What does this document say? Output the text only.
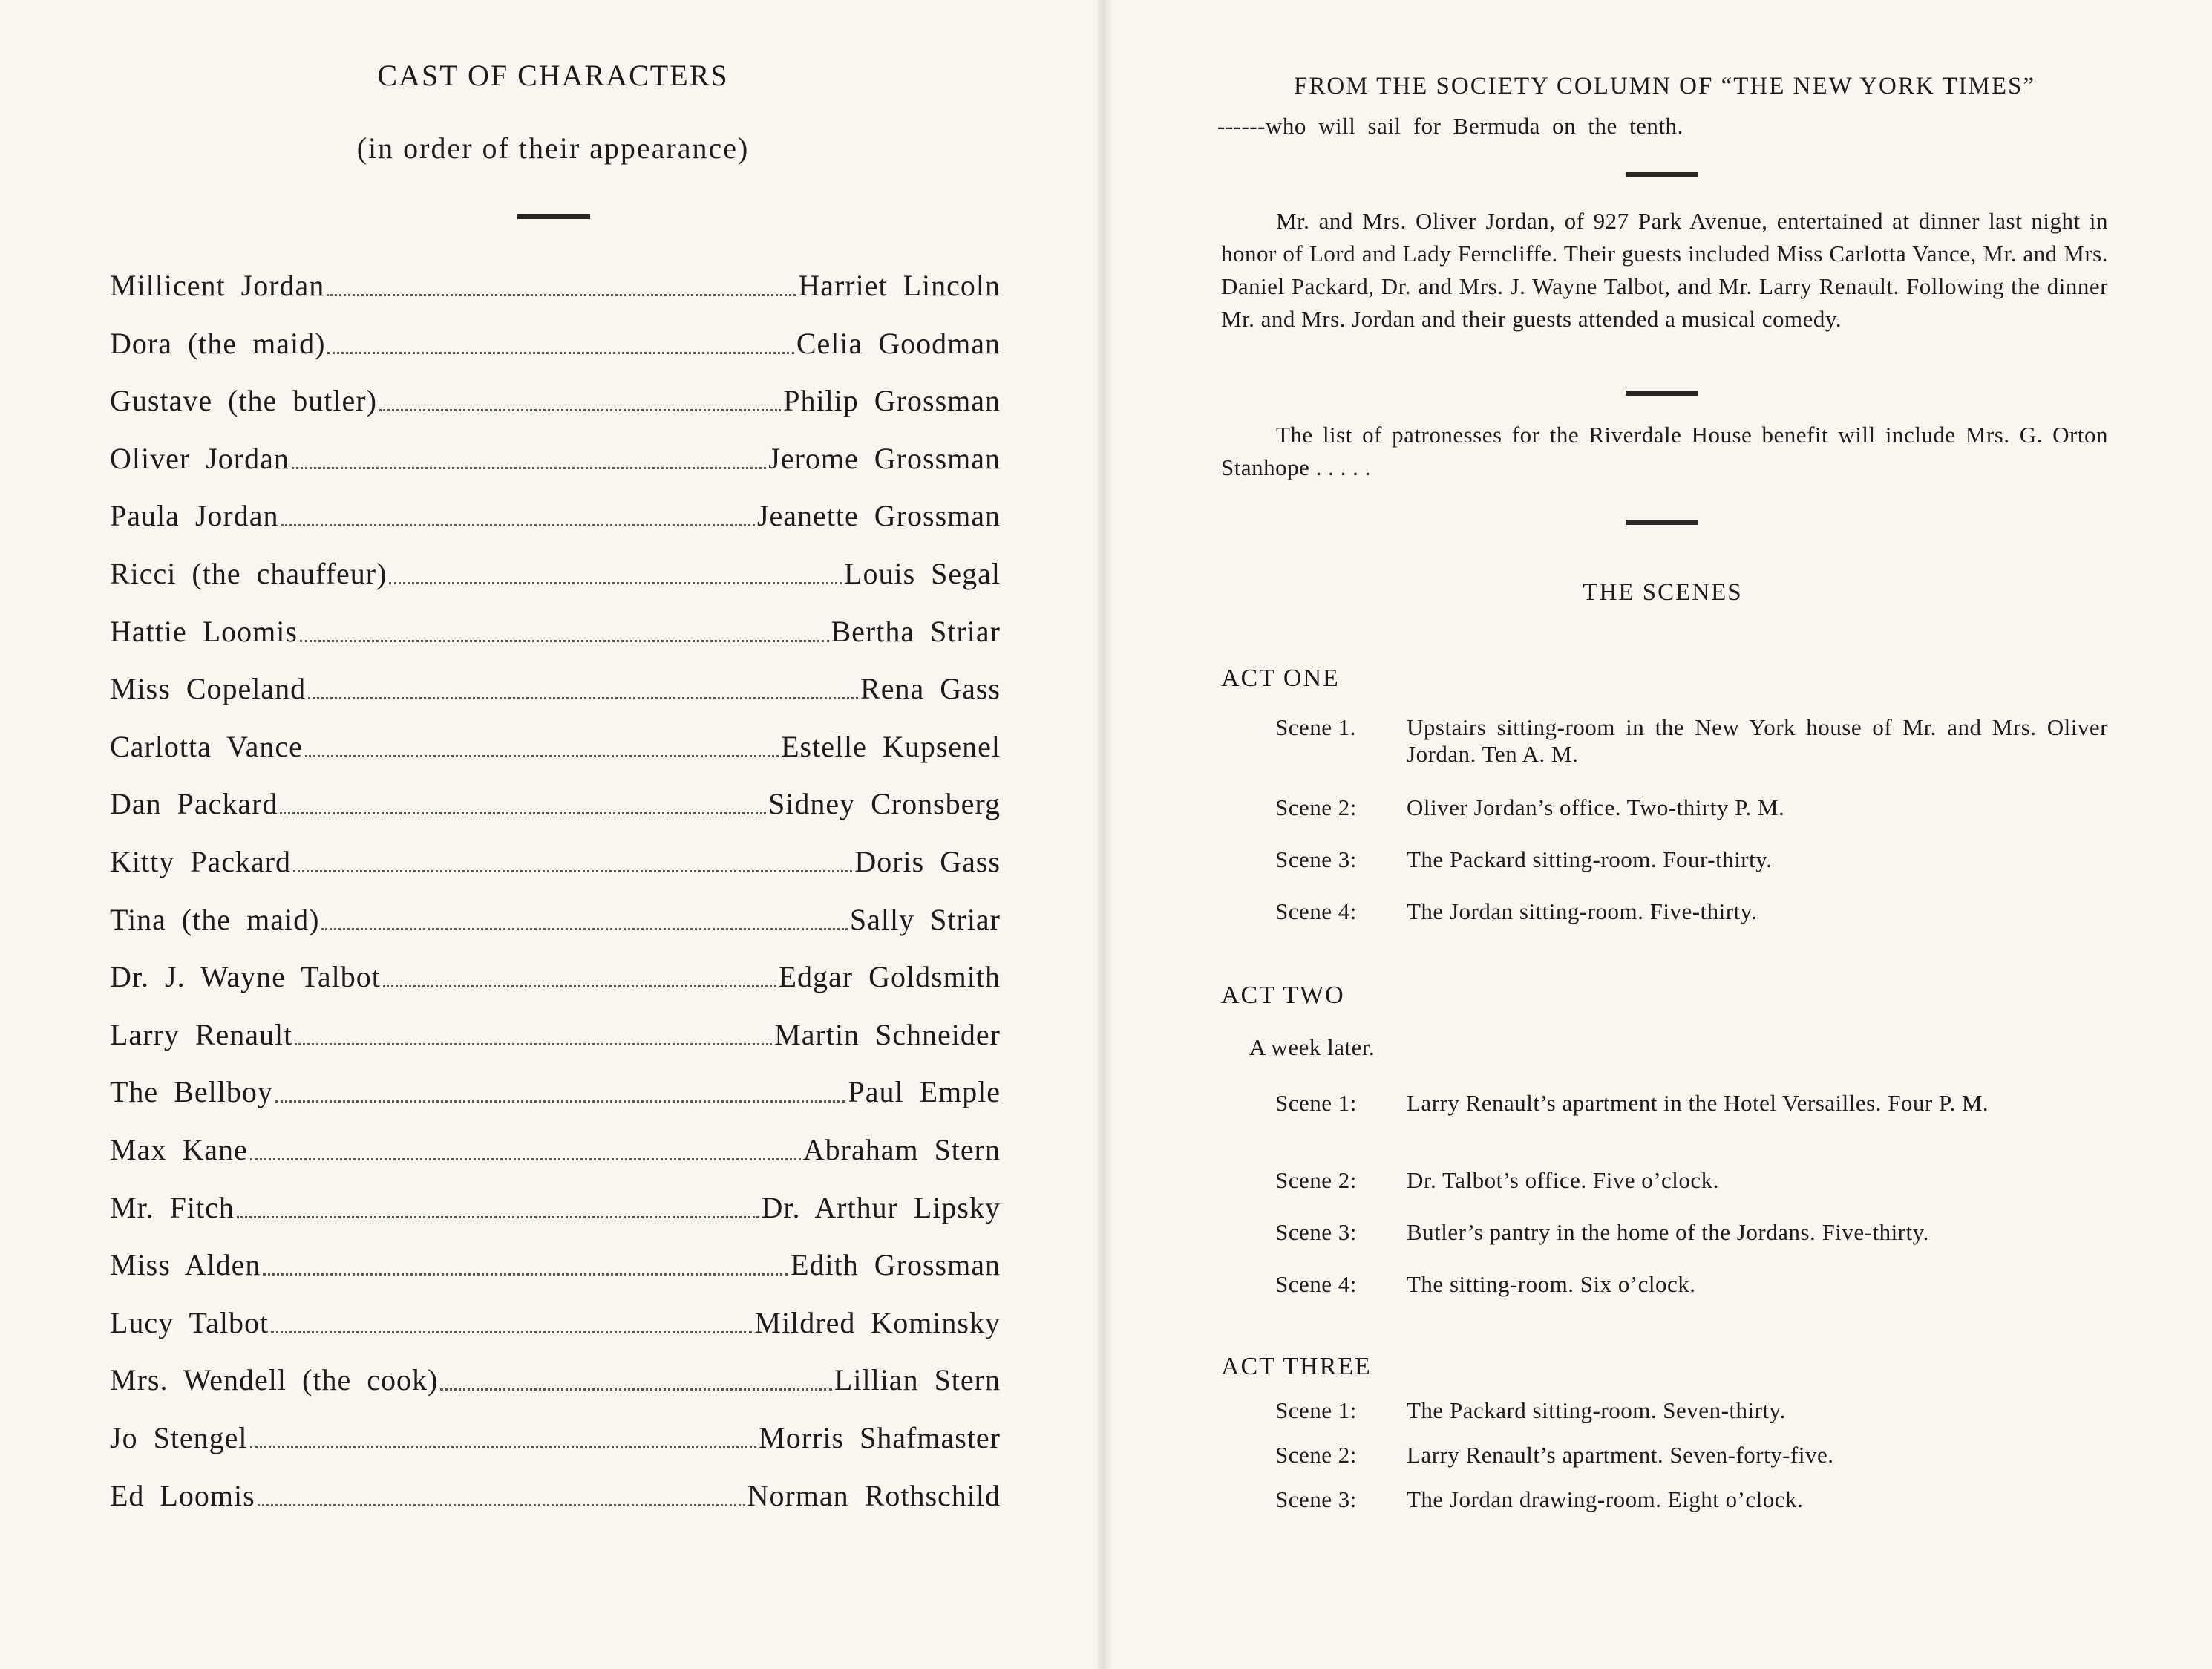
CAST OF CHARACTERS
(in order of their appearance)
Millicent Jordan	Harriet Lincoln
Dora (the maid)	Celia Goodman
Gustave (the butler)	Philip Grossman
Oliver Jordan	Jerome Grossman
Paula Jordan	Jeanette Grossman
Ricci (the chauffeur)	Louis Segal
Hattie Loomis	Bertha Striar
Miss Copeland	Rena Gass
Carlotta Vance	Estelle Kupsenel
Dan Packard	Sidney Cronsberg
Kitty Packard	Doris Gass
Tina (the maid)	Sally Striar
Dr. J. Wayne Talbot	Edgar Goldsmith
Larry Renault	Martin Schneider
The Bellboy	Paul Emple
Max Kane	Abraham Stern
Mr. Fitch	Dr. Arthur Lipsky
Miss Alden	Edith Grossman
Lucy Talbot	Mildred Kominsky
Mrs. Wendell (the cook)	Lillian Stern
Jo Stengel	Morris Shafmaster
Ed Loomis	Norman Rothschild
FROM THE SOCIETY COLUMN OF “THE NEW YORK TIMES”
------who will sail for Bermuda on the tenth.

Mr. and Mrs. Oliver Jordan, of 927 Park Avenue, entertained at dinner last night in honor of Lord and Lady Ferncliffe. Their guests included Miss Carlotta Vance, Mr. and Mrs. Daniel Packard, Dr. and Mrs. J. Wayne Talbot, and Mr. Larry Renault. Following the dinner Mr. and Mrs. Jordan and their guests attended a musical comedy.

The list of patronesses for the Riverdale House benefit will include Mrs. G. Orton Stanhope . . . . .

THE SCENES
ACT ONE
Scene 1. Upstairs sitting-room in the New York house of Mr. and Mrs. Oliver Jordan. Ten A. M.
Scene 2: Oliver Jordan’s office. Two-thirty P. M.
Scene 3: The Packard sitting-room. Four-thirty.
Scene 4: The Jordan sitting-room. Five-thirty.
ACT TWO
A week later.
Scene 1: Larry Renault’s apartment in the Hotel Versailles. Four P. M.
Scene 2: Dr. Talbot’s office. Five o’clock.
Scene 3: Butler’s pantry in the home of the Jordans. Five-thirty.
Scene 4: The sitting-room. Six o’clock.
ACT THREE
Scene 1: The Packard sitting-room. Seven-thirty.
Scene 2: Larry Renault’s apartment. Seven-forty-five.
Scene 3: The Jordan drawing-room. Eight o’clock.
